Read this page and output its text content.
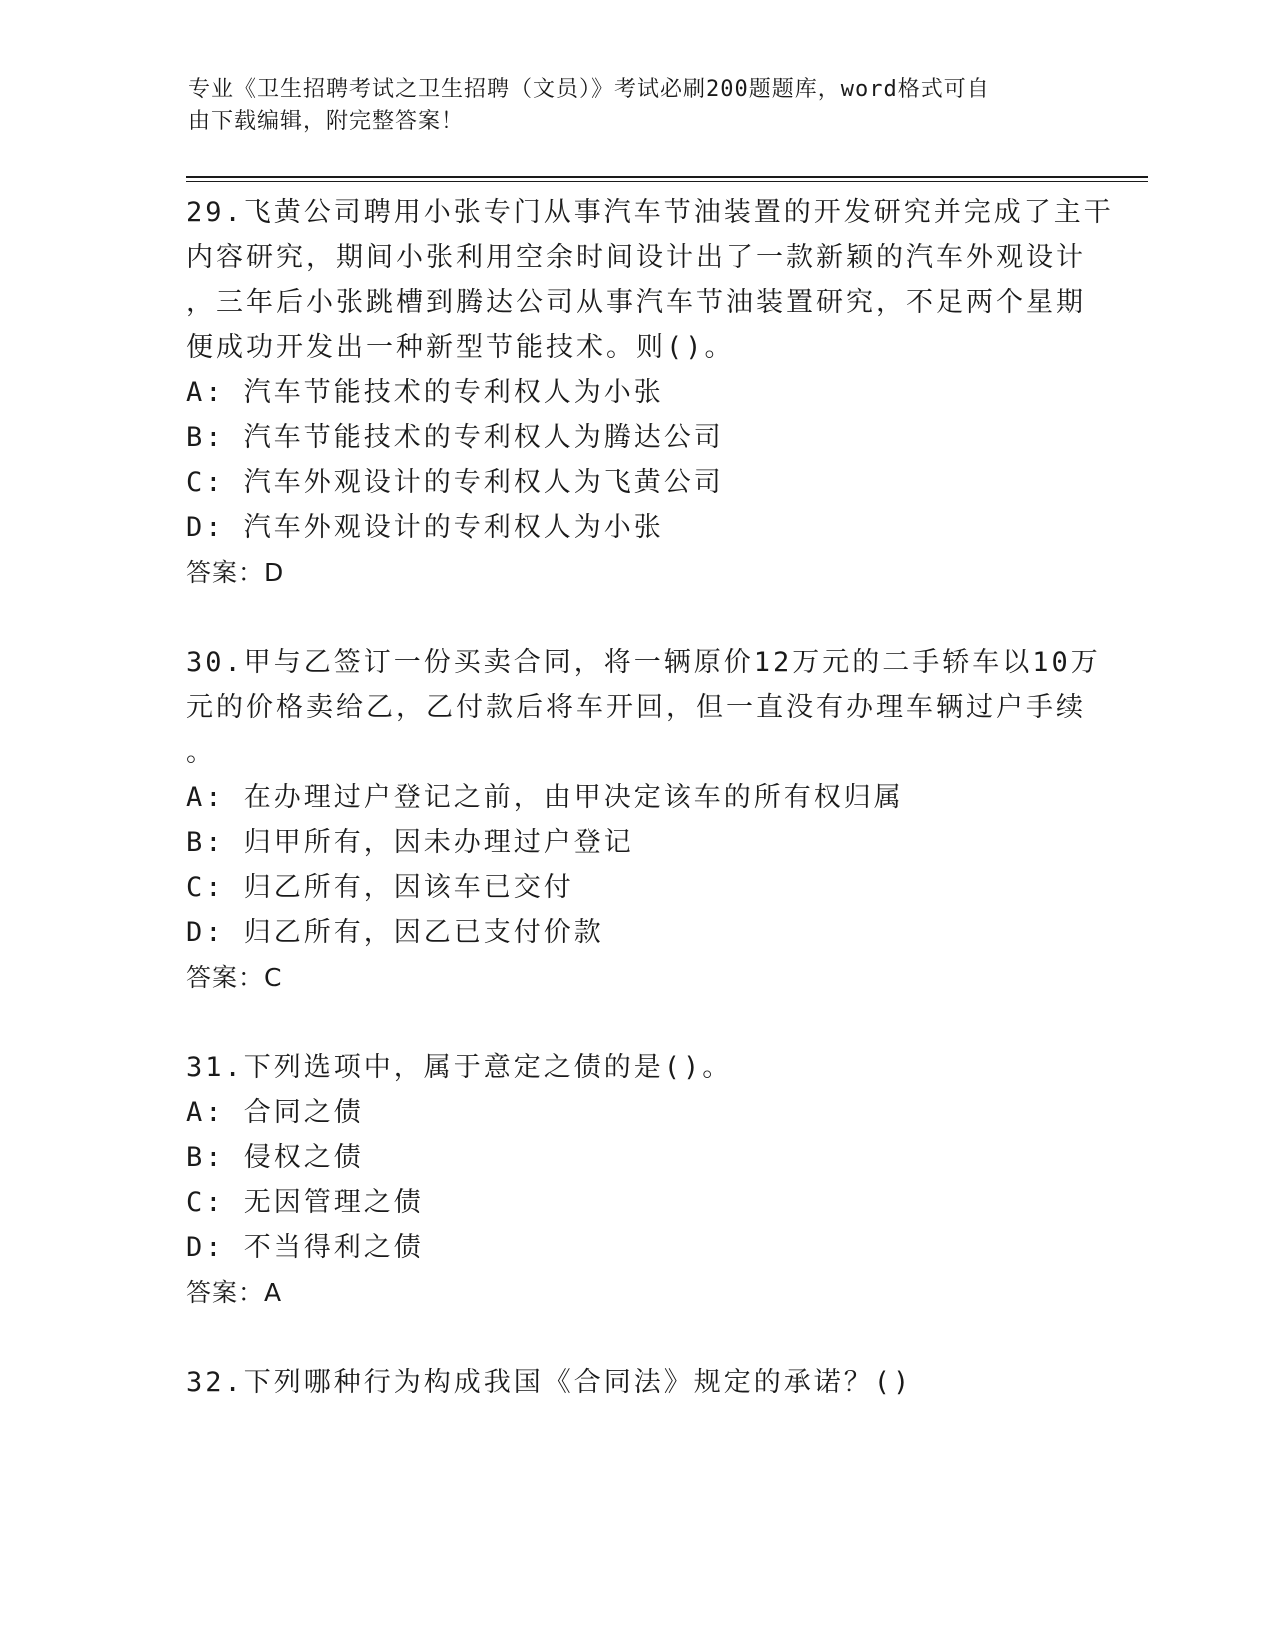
专业《卫生招聘考试之卫生招聘（文员）》考试必刷200题题库，word格式可自
由下载编辑，附完整答案！
29.飞黄公司聘用小张专门从事汽车节油装置的开发研究并完成了主干
内容研究，期间小张利用空余时间设计出了一款新颖的汽车外观设计
，三年后小张跳槽到腾达公司从事汽车节油装置研究，不足两个星期
便成功开发出一种新型节能技术。则()。
A: 汽车节能技术的专利权人为小张
B: 汽车节能技术的专利权人为腾达公司
C: 汽车外观设计的专利权人为飞黄公司
D: 汽车外观设计的专利权人为小张
答案：D
30.甲与乙签订一份买卖合同，将一辆原价12万元的二手轿车以10万
元的价格卖给乙，乙付款后将车开回，但一直没有办理车辆过户手续
。
A: 在办理过户登记之前，由甲决定该车的所有权归属
B: 归甲所有，因未办理过户登记
C: 归乙所有，因该车已交付
D: 归乙所有，因乙已支付价款
答案：C
31.下列选项中，属于意定之债的是()。
A: 合同之债
B: 侵权之债
C: 无因管理之债
D: 不当得利之债
答案：A
32.下列哪种行为构成我国《合同法》规定的承诺？()
